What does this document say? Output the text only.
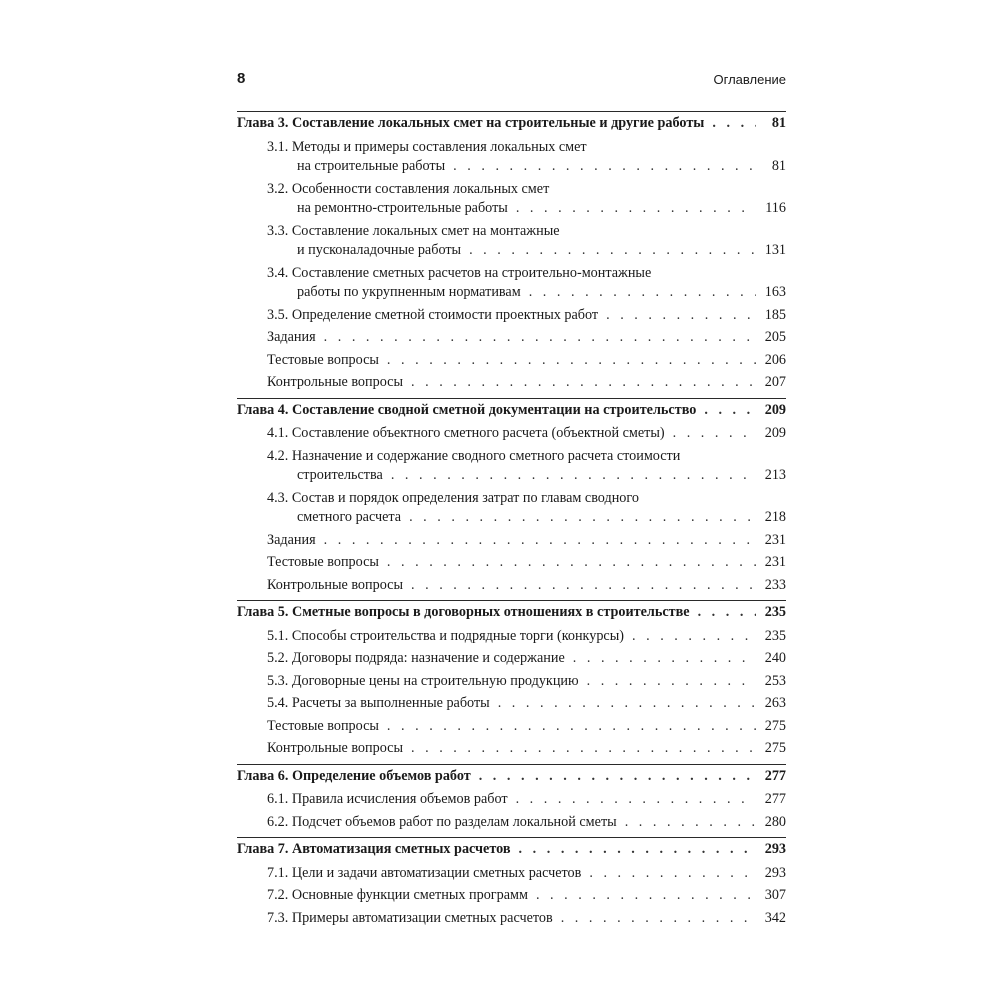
8	Оглавление
Глава 3. Составление локальных смет на строительные и другие работы . . .	81
3.1. Методы и примеры составления локальных смет
на строительные работы . . .	81
3.2. Особенности составления локальных смет
на ремонтно-строительные работы . . .	116
3.3. Составление локальных смет на монтажные
и пусконаладочные работы . . .	131
3.4. Составление сметных расчетов на строительно-монтажные
работы по укрупненным нормативам . . .	163
3.5. Определение сметной стоимости проектных работ . . .	185
Задания . . .	205
Тестовые вопросы . . .	206
Контрольные вопросы . . .	207
Глава 4. Составление сводной сметной документации на строительство . . .	209
4.1. Составление объектного сметного расчета (объектной сметы) . . .	209
4.2. Назначение и содержание сводного сметного расчета стоимости
строительства . . .	213
4.3. Состав и порядок определения затрат по главам сводного
сметного расчета . . .	218
Задания . . .	231
Тестовые вопросы . . .	231
Контрольные вопросы . . .	233
Глава 5. Сметные вопросы в договорных отношениях в строительстве . . .	235
5.1. Способы строительства и подрядные торги (конкурсы) . . .	235
5.2. Договоры подряда: назначение и содержание . . .	240
5.3. Договорные цены на строительную продукцию . . .	253
5.4. Расчеты за выполненные работы . . .	263
Тестовые вопросы . . .	275
Контрольные вопросы . . .	275
Глава 6. Определение объемов работ . . .	277
6.1. Правила исчисления объемов работ . . .	277
6.2. Подсчет объемов работ по разделам локальной сметы . . .	280
Глава 7. Автоматизация сметных расчетов . . .	293
7.1. Цели и задачи автоматизации сметных расчетов . . .	293
7.2. Основные функции сметных программ . . .	307
7.3. Примеры автоматизации сметных расчетов . . .	342
